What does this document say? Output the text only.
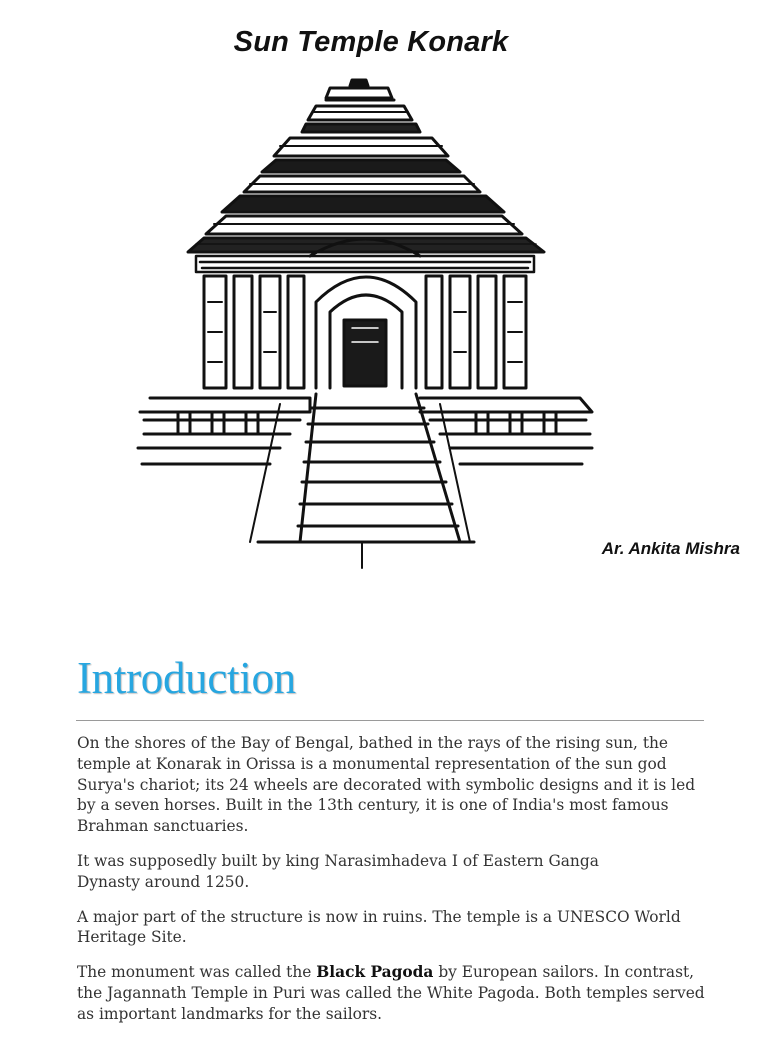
Sun Temple Konark
Ar. Ankita Mishra
Introduction

On the shores of the Bay of Bengal, bathed in the rays of the rising sun, the
temple at Konarak in Orissa is a monumental representation of the sun god
Surya's chariot; its 24 wheels are decorated with symbolic designs and it is led
by a seven horses. Built in the 13th century, it is one of India's most famous
Brahman sanctuaries.

It was supposedly built by king Narasimhadeva I of Eastern Ganga
Dynasty around 1250.

A major part of the structure is now in ruins. The temple is a UNESCO World
Heritage Site.

The monument was called the Black Pagoda by European sailors. In contrast,
the Jagannath Temple in Puri was called the White Pagoda. Both temples served
as important landmarks for the sailors.
